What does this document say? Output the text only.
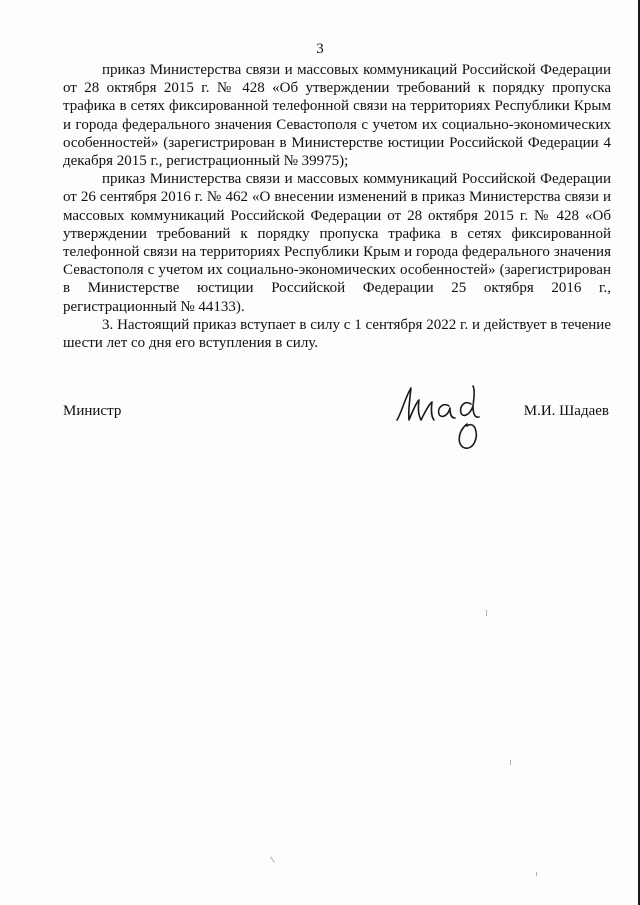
3

приказ Министерства связи и массовых коммуникаций Российской Федерации от 28 октября 2015 г. № 428 «Об утверждении требований к порядку пропуска трафика в сетях фиксированной телефонной связи на территориях Республики Крым и города федерального значения Севастополя с учетом их социально-экономических особенностей» (зарегистрирован в Министерстве юстиции Российской Федерации 4 декабря 2015 г., регистрационный № 39975);

приказ Министерства связи и массовых коммуникаций Российской Федерации от 26 сентября 2016 г. № 462 «О внесении изменений в приказ Министерства связи и массовых коммуникаций Российской Федерации от 28 октября 2015 г. № 428 «Об утверждении требований к порядку пропуска трафика в сетях фиксированной телефонной связи на территориях Республики Крым и города федерального значения Севастополя с учетом их социально-экономических особенностей» (зарегистрирован в Министерстве юстиции Российской Федерации 25 октября 2016 г., регистрационный № 44133).

3. Настоящий приказ вступает в силу с 1 сентября 2022 г. и действует в течение шести лет со дня его вступления в силу.

Министр	М.И. Шадаев
